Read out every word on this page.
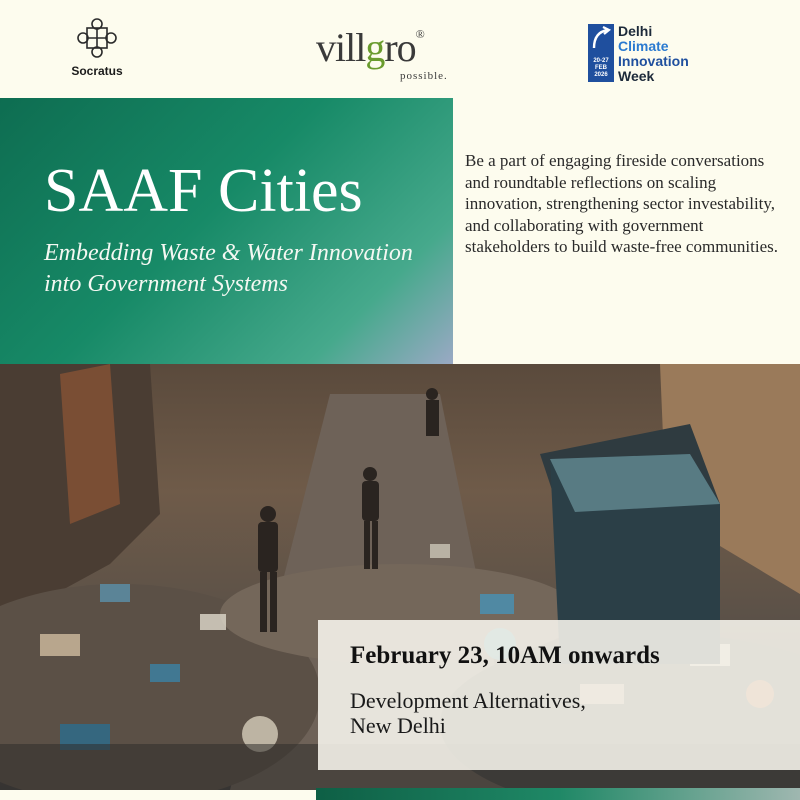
Socratus
villgro®
possible.
20-27 FEB 2026
Delhi
Climate
Innovation
Week
SAAF Cities
Embedding Waste & Water Innovation into Government Systems
Be a part of engaging fireside conversations and roundtable reflections on scaling innovation, strengthening sector investability, and collaborating with government stakeholders to build waste-free communities.
February 23, 10AM onwards
Development Alternatives,
New Delhi
